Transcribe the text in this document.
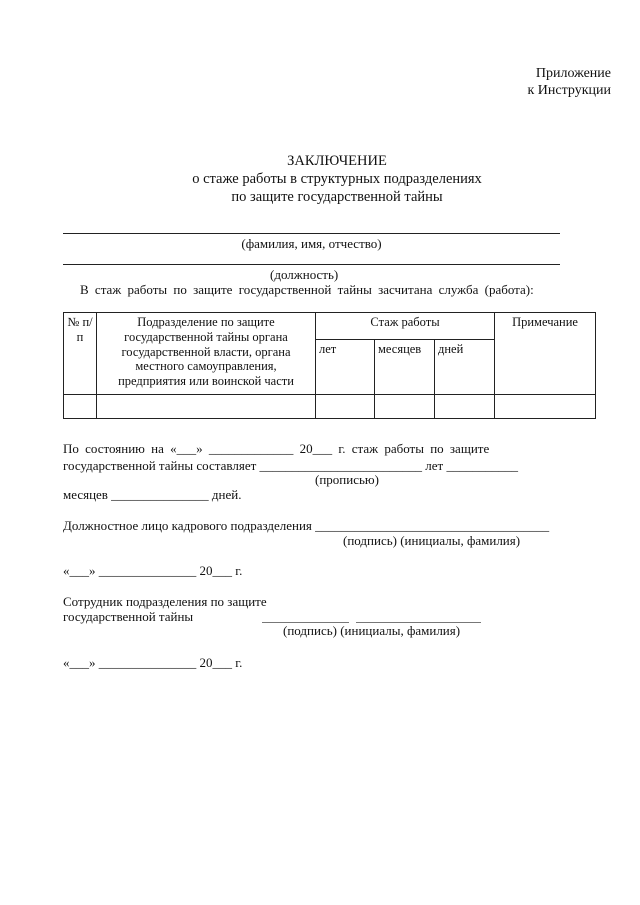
Приложение
к Инструкции
ЗАКЛЮЧЕНИЕ
о стаже работы в структурных подразделениях
по защите государственной тайны
(фамилия, имя, отчество)
(должность)
В стаж работы по защите государственной тайны засчитана служба (работа):
№ п/п	Подразделение по защите государственной тайны органа государственной власти, органа местного самоуправления, предприятия или воинской части	Стаж работы			Примечание
		лет	месяцев	дней	

По состоянию на «___» _____________ 20___ г. стаж работы по защите
государственной тайны составляет _________________________ лет ___________
(прописью)
месяцев _______________ дней.
Должностное лицо кадрового подразделения ____________________________________
(подпись) (инициалы, фамилия)
«___» _______________ 20___ г.
Сотрудник подразделения по защите
государственной тайны
(подпись) (инициалы, фамилия)
«___» _______________ 20___ г.
